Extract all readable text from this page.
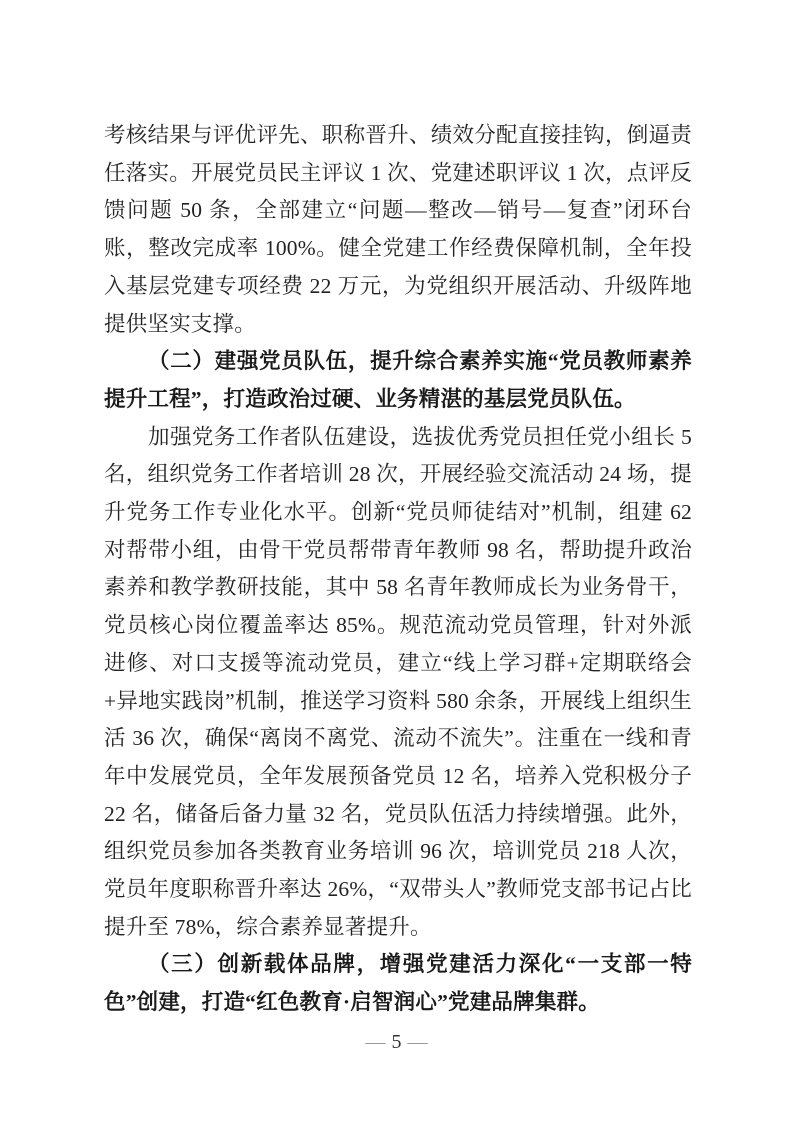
考核结果与评优评先、职称晋升、绩效分配直接挂钩，倒逼责任落实。开展党员民主评议 1 次、党建述职评议 1 次，点评反馈问题 50 条，全部建立“问题—整改—销号—复查”闭环台账，整改完成率 100%。健全党建工作经费保障机制，全年投入基层党建专项经费 22 万元，为党组织开展活动、升级阵地提供坚实支撑。

（二）建强党员队伍，提升综合素养实施“党员教师素养提升工程”，打造政治过硬、业务精湛的基层党员队伍。

加强党务工作者队伍建设，选拔优秀党员担任党小组长 5 名，组织党务工作者培训 28 次，开展经验交流活动 24 场，提升党务工作专业化水平。创新“党员师徒结对”机制，组建 62 对帮带小组，由骨干党员帮带青年教师 98 名，帮助提升政治素养和教学教研技能，其中 58 名青年教师成长为业务骨干，党员核心岗位覆盖率达 85%。规范流动党员管理，针对外派进修、对口支援等流动党员，建立“线上学习群+定期联络会+异地实践岗”机制，推送学习资料 580 余条，开展线上组织生活 36 次，确保“离岗不离党、流动不流失”。注重在一线和青年中发展党员，全年发展预备党员 12 名，培养入党积极分子 22 名，储备后备力量 32 名，党员队伍活力持续增强。此外，组织党员参加各类教育业务培训 96 次，培训党员 218 人次，党员年度职称晋升率达 26%，“双带头人”教师党支部书记占比提升至 78%，综合素养显著提升。

（三）创新载体品牌，增强党建活力深化“一支部一特色”创建，打造“红色教育·启智润心”党建品牌集群。

— 5 —
